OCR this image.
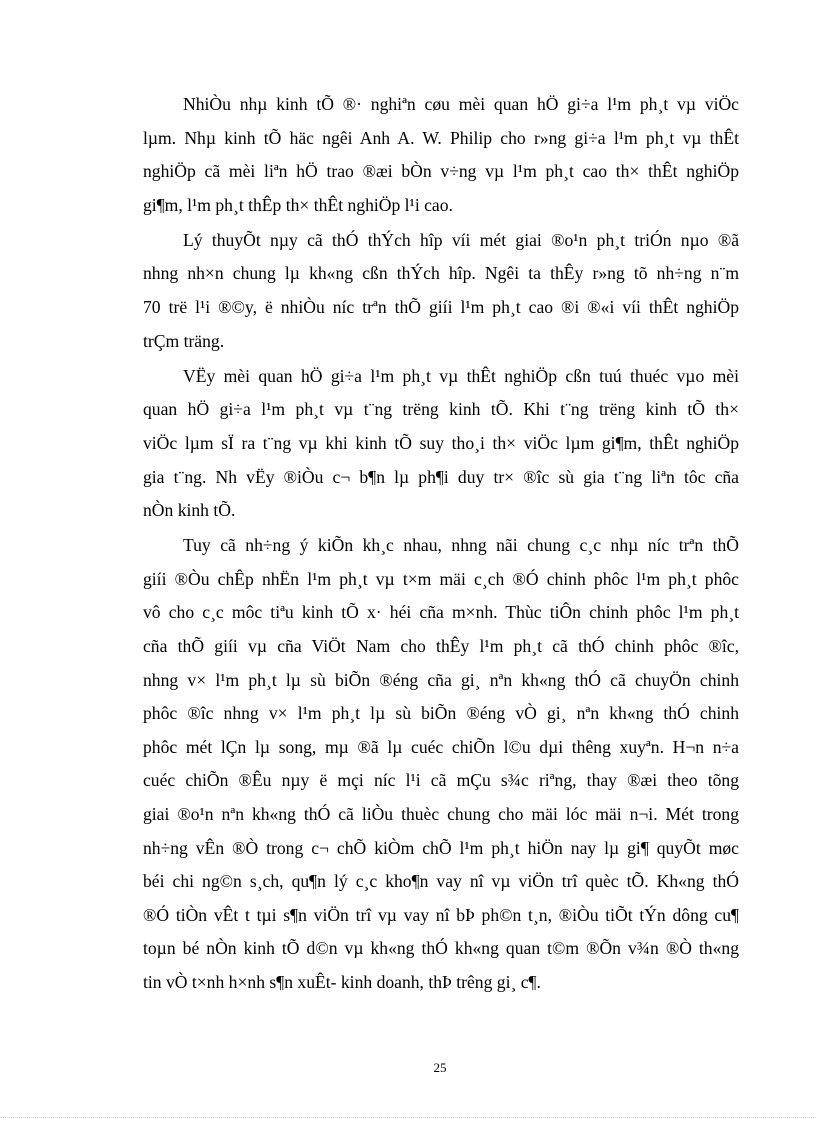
NhiÒu nhµ kinh tÕ ®· nghiªn cøu mèi quan hÖ gi÷a l¹m ph¸t vµ viÖc
lµm. Nhµ kinh tÕ häc ngêi Anh A. W. Philip cho r»ng gi÷a l¹m ph¸t vµ thÊt
nghiÖp cã mèi liªn hÖ trao ®æi bÒn v÷ng vµ l¹m ph¸t cao th× thÊt nghiÖp
gi¶m, l¹m ph¸t thÊp th× thÊt nghiÖp l¹i cao.
Lý thuyÕt nµy cã thÓ thÝch hîp víi mét giai ®o¹n ph¸t triÓn nµo ®ã
nhng nh×n chung lµ kh«ng cßn thÝch hîp. Ngêi ta thÊy r»ng tõ nh÷ng n¨m
70 trë l¹i ®©y, ë nhiÒu níc trªn thÕ giíi l¹m ph¸t cao ®i ®«i víi thÊt nghiÖp
trÇm träng.
VËy mèi quan hÖ gi÷a l¹m ph¸t vµ thÊt nghiÖp cßn tuú thuéc vµo mèi
quan hÖ gi÷a l¹m ph¸t vµ t¨ng trëng kinh tÕ. Khi t¨ng trëng kinh tÕ th×
viÖc lµm sÏ ra t¨ng vµ khi kinh tÕ suy tho¸i th× viÖc lµm gi¶m, thÊt nghiÖp
gia t¨ng. Nh vËy ®iÒu c¬ b¶n lµ ph¶i duy tr× ®îc sù gia t¨ng liªn tôc cña
nÒn kinh tÕ.
Tuy cã nh÷ng ý kiÕn kh¸c nhau, nhng nãi chung c¸c nhµ níc trªn thÕ
giíi ®Òu chÊp nhËn l¹m ph¸t vµ t×m mäi c¸ch ®Ó chinh phôc l¹m ph¸t phôc
vô cho c¸c môc tiªu kinh tÕ x· héi cña m×nh. Thùc tiÔn chinh phôc l¹m ph¸t
cña thÕ giíi vµ cña ViÖt Nam cho thÊy l¹m ph¸t cã thÓ chinh phôc ®îc,
nhng v× l¹m ph¸t lµ sù biÕn ®éng cña gi¸ nªn kh«ng thÓ cã chuyÖn chinh
phôc ®îc nhng v× l¹m ph¸t lµ sù biÕn ®éng vÒ gi¸ nªn kh«ng thÓ chinh
phôc mét lÇn lµ song, mµ ®ã lµ cuéc chiÕn l©u dµi thêng xuyªn. H¬n n÷a
cuéc chiÕn ®Êu nµy ë mçi níc l¹i cã mÇu s¾c riªng, thay ®æi theo tõng
giai ®o¹n nªn kh«ng thÓ cã liÒu thuèc chung cho mäi lóc mäi n¬i. Mét trong
nh÷ng vÊn ®Ò trong c¬ chÕ kiÒm chÕ l¹m ph¸t hiÖn nay lµ gi¶ quyÕt møc
béi chi ng©n s¸ch, qu¶n lý c¸c kho¶n vay nî vµ viÖn trî quèc tÕ. Kh«ng thÓ
®Ó tiÒn vÊt t tµi s¶n viÖn trî vµ vay nî bÞ ph©n t¸n, ®iÒu tiÕt tÝn dông cu¶
toµn bé nÒn kinh tÕ d©n vµ kh«ng thÓ kh«ng quan t©m ®Õn v¾n ®Ò th«ng
tin vÒ t×nh h×nh s¶n xuÊt- kinh doanh, thÞ trêng gi¸ c¶.
25
